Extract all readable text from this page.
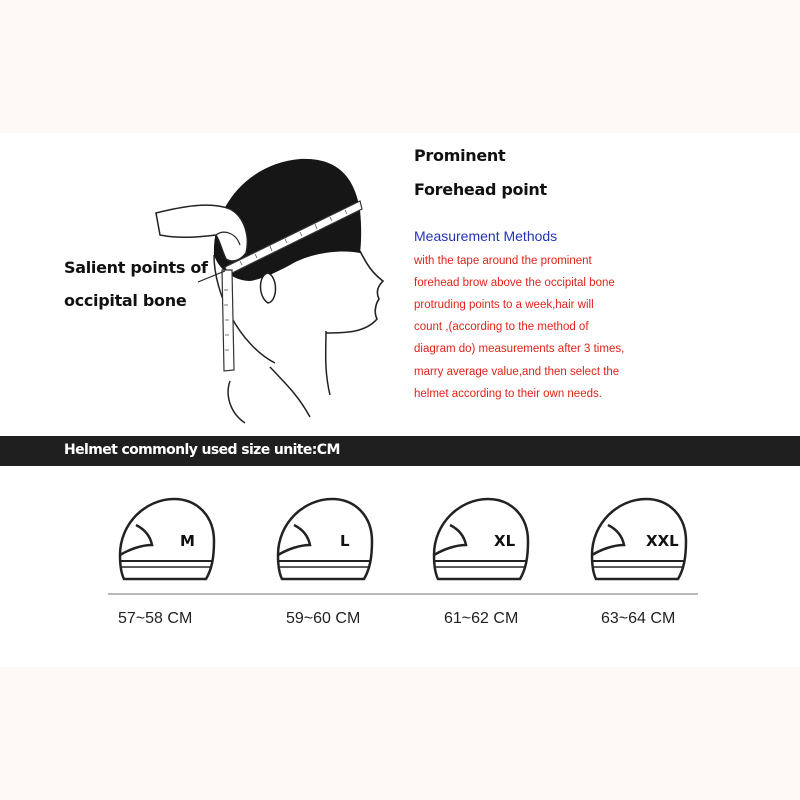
Prominent

Forehead point

Salient points of

occipital bone

Measurement Methods

with the tape around the prominent

forehead brow above the occipital bone

protruding points to a week,hair will

count ,(according to the method of

diagram do) measurements after 3 times,

marry average value,and then select the

helmet according to their own needs.

Helmet commonly used size unite:CM

M	L	XL	XXL

57~58 CM	59~60 CM	61~62 CM	63~64 CM
